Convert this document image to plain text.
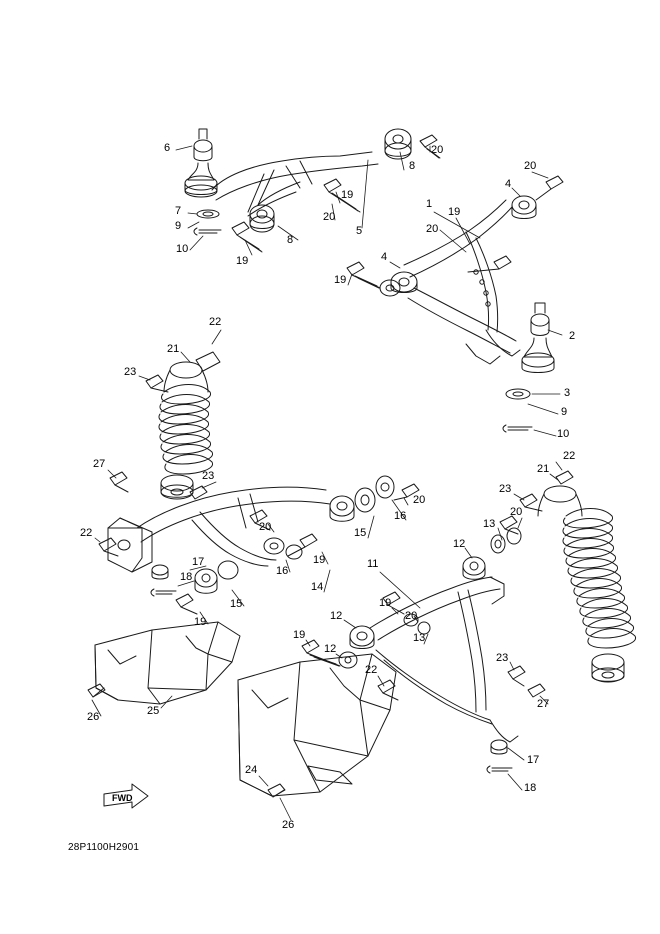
6	20
8	20
4
19
7
1
19
20
9	20
5
10
8
19	4
19
2
22
21
3
23
9
10
27
23
21
22
20
16
23
13
20
22	20	15
12
19
17
16
11
18
14
15
12
19
20
13
19
19
12
23
22
26	25
27
17
24
18
26
FWD
28P1100H2901
